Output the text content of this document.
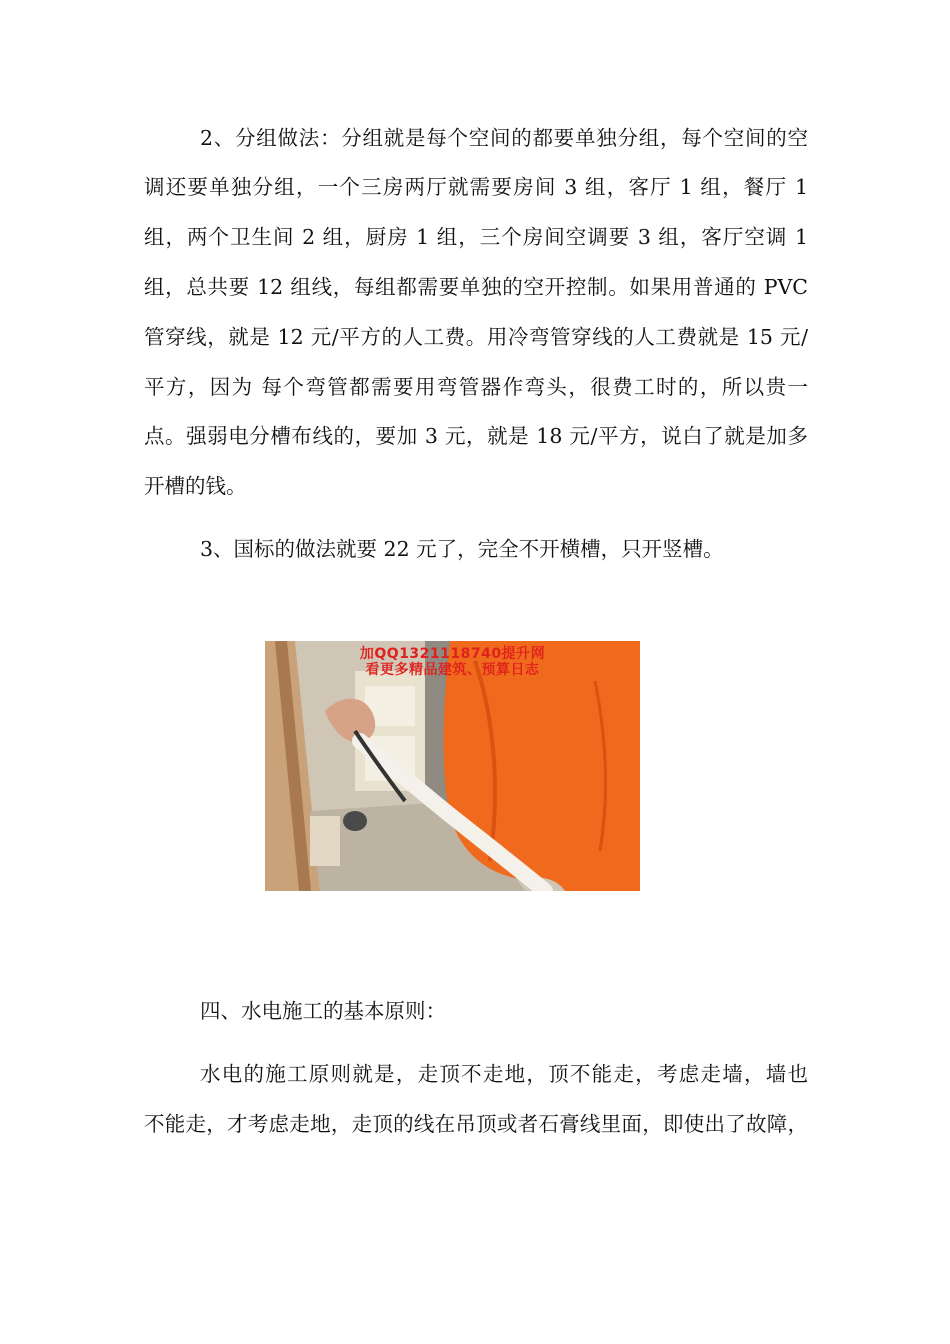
2、分组做法：分组就是每个空间的都要单独分组，每个空间的空
调还要单独分组，一个三房两厅就需要房间 3 组，客厅 1 组，餐厅 1
组，两个卫生间 2 组，厨房 1 组，三个房间空调要 3 组，客厅空调 1
组，总共要 12 组线，每组都需要单独的空开控制。如果用普通的 PVC
管穿线，就是 12 元/平方的人工费。用冷弯管穿线的人工费就是 15 元/
平方，因为 每个弯管都需要用弯管器作弯头，很费工时的，所以贵一
点。强弱电分槽布线的，要加 3 元，就是 18 元/平方，说白了就是加多
开槽的钱。
3、国标的做法就要 22 元了，完全不开横槽，只开竖槽。
加QQ1321118740提升网
看更多精品建筑、预算日志
四、水电施工的基本原则：
水电的施工原则就是，走顶不走地，顶不能走，考虑走墙，墙也
不能走，才考虑走地，走顶的线在吊顶或者石膏线里面，即使出了故障，
